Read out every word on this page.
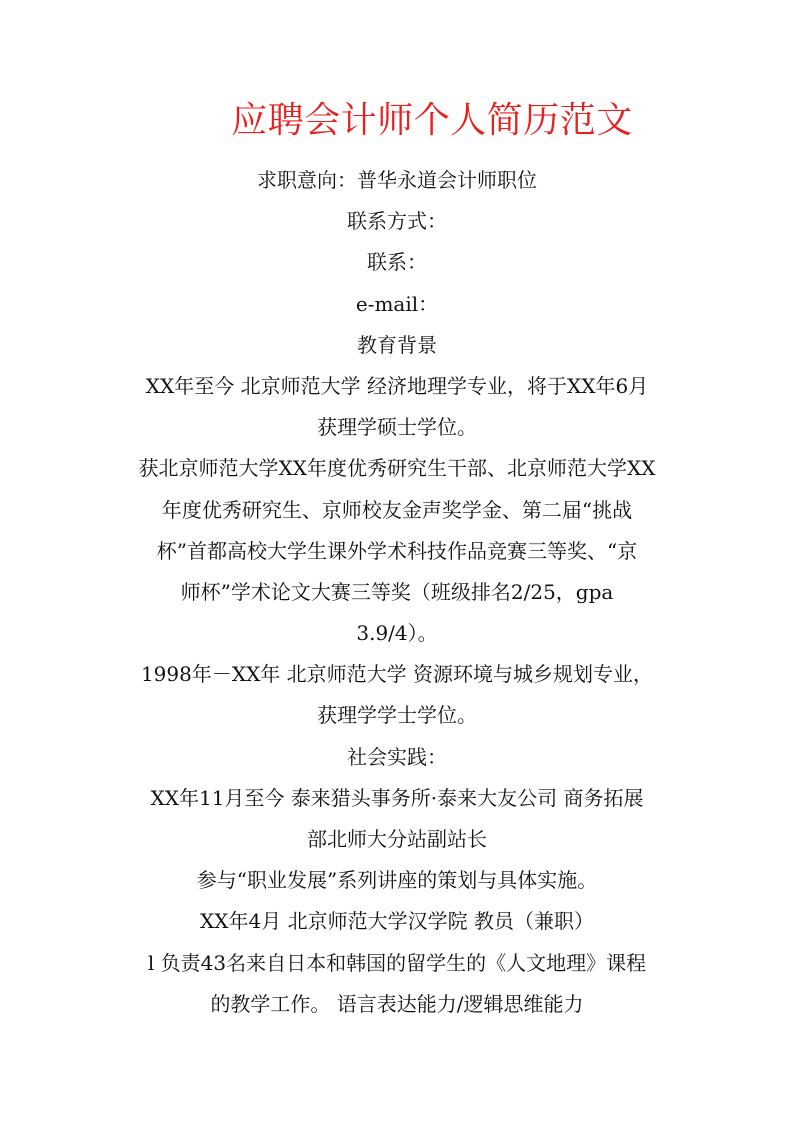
应聘会计师个人简历范文
求职意向：普华永道会计师职位
联系方式：
联系：
e-mail：
教育背景
XX年至今 北京师范大学 经济地理学专业，将于XX年6月
获理学硕士学位。
获北京师范大学XX年度优秀研究生干部、北京师范大学XX
年度优秀研究生、京师校友金声奖学金、第二届“挑战
杯”首都高校大学生课外学术科技作品竞赛三等奖、“京
师杯”学术论文大赛三等奖（班级排名2/25，gpa
3.9/4）。
1998年－XX年 北京师范大学 资源环境与城乡规划专业，
获理学学士学位。
社会实践：
XX年11月至今 泰来猎头事务所·泰来大友公司 商务拓展
部北师大分站副站长
参与“职业发展”系列讲座的策划与具体实施。
XX年4月 北京师范大学汉学院 教员（兼职）
l 负责43名来自日本和韩国的留学生的《人文地理》课程
的教学工作。 语言表达能力/逻辑思维能力
